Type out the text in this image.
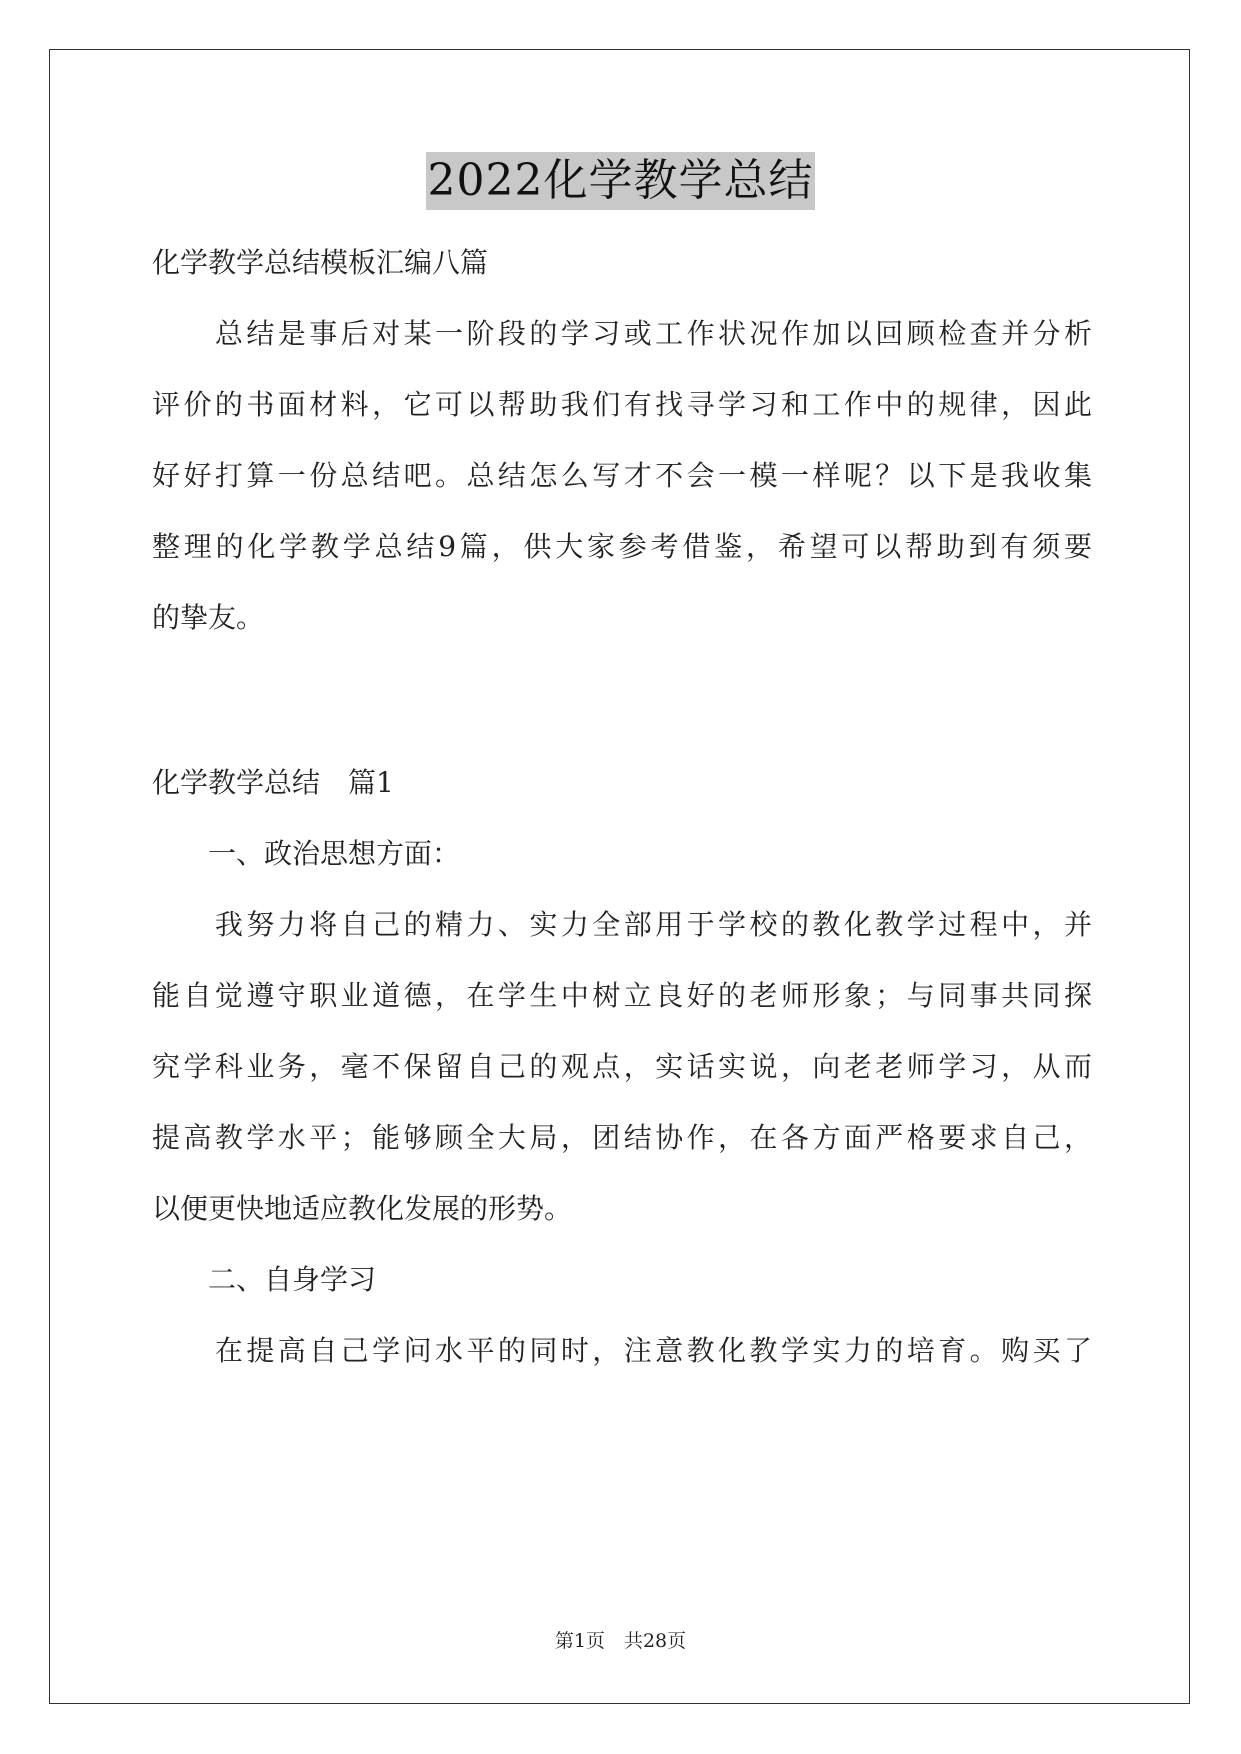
2022化学教学总结
化学教学总结模板汇编八篇
　　总结是事后对某一阶段的学习或工作状况作加以回顾检查并分析
评价的书面材料，它可以帮助我们有找寻学习和工作中的规律，因此
好好打算一份总结吧。总结怎么写才不会一模一样呢？以下是我收集
整理的化学教学总结9篇，供大家参考借鉴，希望可以帮助到有须要
的挚友。
化学教学总结　篇1
　　一、政治思想方面：
　　我努力将自己的精力、实力全部用于学校的教化教学过程中，并
能自觉遵守职业道德，在学生中树立良好的老师形象；与同事共同探
究学科业务，毫不保留自己的观点，实话实说，向老老师学习，从而
提高教学水平；能够顾全大局，团结协作，在各方面严格要求自己，
以便更快地适应教化发展的形势。
　　二、自身学习
　　在提高自己学问水平的同时，注意教化教学实力的培育。购买了
第1页　共28页
